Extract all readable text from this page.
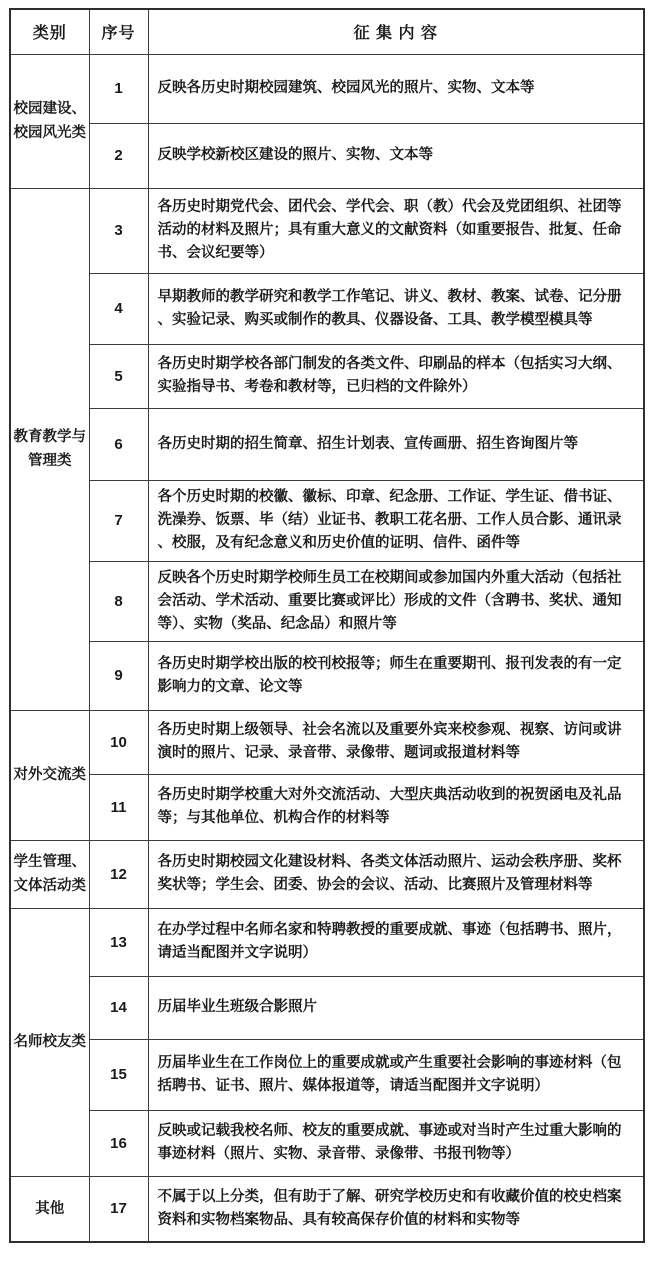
类别	序号	征 集 内 容
校园建设、校园风光类	1	反映各历史时期校园建筑、校园风光的照片、实物、文本等
	2	反映学校新校区建设的照片、实物、文本等
教育教学与管理类	3	各历史时期党代会、团代会、学代会、职（教）代会及党团组织、社团等活动的材料及照片；具有重大意义的文献资料（如重要报告、批复、任命书、会议纪要等）
	4	早期教师的教学研究和教学工作笔记、讲义、教材、教案、试卷、记分册、实验记录、购买或制作的教具、仪器设备、工具、教学模型模具等
	5	各历史时期学校各部门制发的各类文件、印刷品的样本（包括实习大纲、实验指导书、考卷和教材等，已归档的文件除外）
	6	各历史时期的招生简章、招生计划表、宣传画册、招生咨询图片等
	7	各个历史时期的校徽、徽标、印章、纪念册、工作证、学生证、借书证、洗澡券、饭票、毕（结）业证书、教职工花名册、工作人员合影、通讯录、校服，及有纪念意义和历史价值的证明、信件、函件等
	8	反映各个历史时期学校师生员工在校期间或参加国内外重大活动（包括社会活动、学术活动、重要比赛或评比）形成的文件（含聘书、奖状、通知等）、实物（奖品、纪念品）和照片等
	9	各历史时期学校出版的校刊校报等；师生在重要期刊、报刊发表的有一定影响力的文章、论文等
对外交流类	10	各历史时期上级领导、社会名流以及重要外宾来校参观、视察、访问或讲演时的照片、记录、录音带、录像带、题词或报道材料等
	11	各历史时期学校重大对外交流活动、大型庆典活动收到的祝贺函电及礼品等；与其他单位、机构合作的材料等
学生管理、文体活动类	12	各历史时期校园文化建设材料、各类文体活动照片、运动会秩序册、奖杯奖状等；学生会、团委、协会的会议、活动、比赛照片及管理材料等
名师校友类	13	在办学过程中名师名家和特聘教授的重要成就、事迹（包括聘书、照片，请适当配图并文字说明）
	14	历届毕业生班级合影照片
	15	历届毕业生在工作岗位上的重要成就或产生重要社会影响的事迹材料（包括聘书、证书、照片、媒体报道等，请适当配图并文字说明）
	16	反映或记载我校名师、校友的重要成就、事迹或对当时产生过重大影响的事迹材料（照片、实物、录音带、录像带、书报刊物等）
其他	17	不属于以上分类，但有助于了解、研究学校历史和有收藏价值的校史档案资料和实物档案物品、具有较高保存价值的材料和实物等
